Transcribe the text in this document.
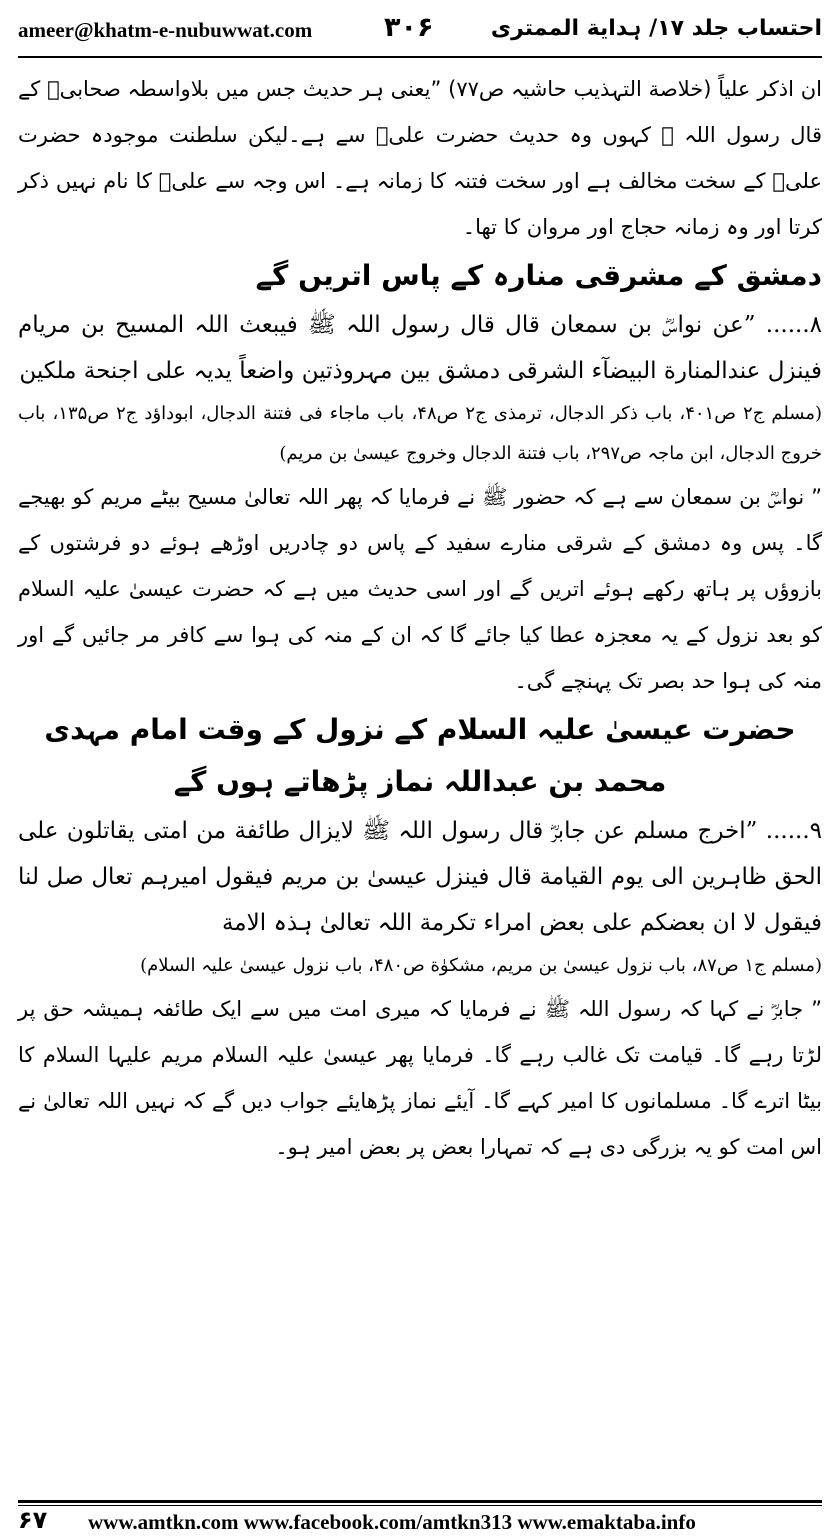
ameer@khatm-e-nubuwwat.com	۳۰۶	احتساب جلد ۱۷/ ہدایة الممتری

ان اذکر علیاً (خلاصة التہذیب حاشیہ ص۷۷) ”یعنی ہر حدیث جس میں بلاواسطہ صحابیؓ کے قال رسول اللہ ﷺ کہوں وہ حدیث حضرت علیؓ سے ہے۔لیکن سلطنت موجودہ حضرت علیؓ کے سخت مخالف ہے اور سخت فتنہ کا زمانہ ہے۔ اس وجہ سے علیؓ کا نام نہیں ذکر کرتا اور وہ زمانہ حجاج اور مروان کا تھا۔

دمشق کے مشرقی منارہ کے پاس اتریں گے

۸...... ”عن نواسؓ بن سمعان قال قال رسول اللہ ﷺ فیبعث اللہ المسیح بن مریام فینزل عندالمنارة البیضآء الشرقی دمشق بین مہروذتین واضعاً یدیہ علی اجنحة ملکین

(مسلم ج۲ ص۴۰۱، باب ذکر الدجال، ترمذی ج۲ ص۴۸، باب ماجاء فی فتنة الدجال، ابوداؤد ج۲ ص۱۳۵، باب خروج الدجال، ابن ماجہ ص۲۹۷، باب فتنة الدجال وخروج عیسیٰ بن مریم)

” نواسؓ بن سمعان سے ہے کہ حضور ﷺ نے فرمایا کہ پھر اللہ تعالیٰ مسیح بیٹے مریم کو بھیجے گا۔ پس وہ دمشق کے شرقی منارے سفید کے پاس دو چادریں اوڑھے ہوئے دو فرشتوں کے بازوؤں پر ہاتھ رکھے ہوئے اتریں گے اور اسی حدیث میں ہے کہ حضرت عیسیٰ علیہ السلام کو بعد نزول کے یہ معجزہ عطا کیا جائے گا کہ ان کے منہ کی ہوا سے کافر مر جائیں گے اور منہ کی ہوا حد بصر تک پہنچے گی۔

حضرت عیسیٰ علیہ السلام کے نزول کے وقت امام مہدی محمد بن عبداللہ نماز پڑھاتے ہوں گے

۹...... ”اخرج مسلم عن جابرؓ قال رسول اللہ ﷺ لایزال طائفة من امتی یقاتلون علی الحق ظاہرین الی یوم القیامة قال فینزل عیسیٰ بن مریم فیقول امیرہم تعال صل لنا فیقول لا ان بعضکم علی بعض امراء تکرمة اللہ تعالیٰ ہذہ الامة

(مسلم ج۱ ص۸۷، باب نزول عیسیٰ بن مریم، مشکوٰة ص۴۸۰، باب نزول عیسیٰ علیہ السلام)

” جابرؓ نے کہا کہ رسول اللہ ﷺ نے فرمایا کہ میری امت میں سے ایک طائفہ ہمیشہ حق پر لڑتا رہے گا۔ قیامت تک غالب رہے گا۔ فرمایا پھر عیسیٰ علیہ السلام مریم علیہا السلام کا بیٹا اترے گا۔ مسلمانوں کا امیر کہے گا۔ آیئے نماز پڑھایئے جواب دیں گے کہ نہیں اللہ تعالیٰ نے اس امت کو یہ بزرگی دی ہے کہ تمہارا بعض پر بعض امیر ہو۔

۶۷ www.amtkn.com www.facebook.com/amtkn313 www.emaktaba.info
